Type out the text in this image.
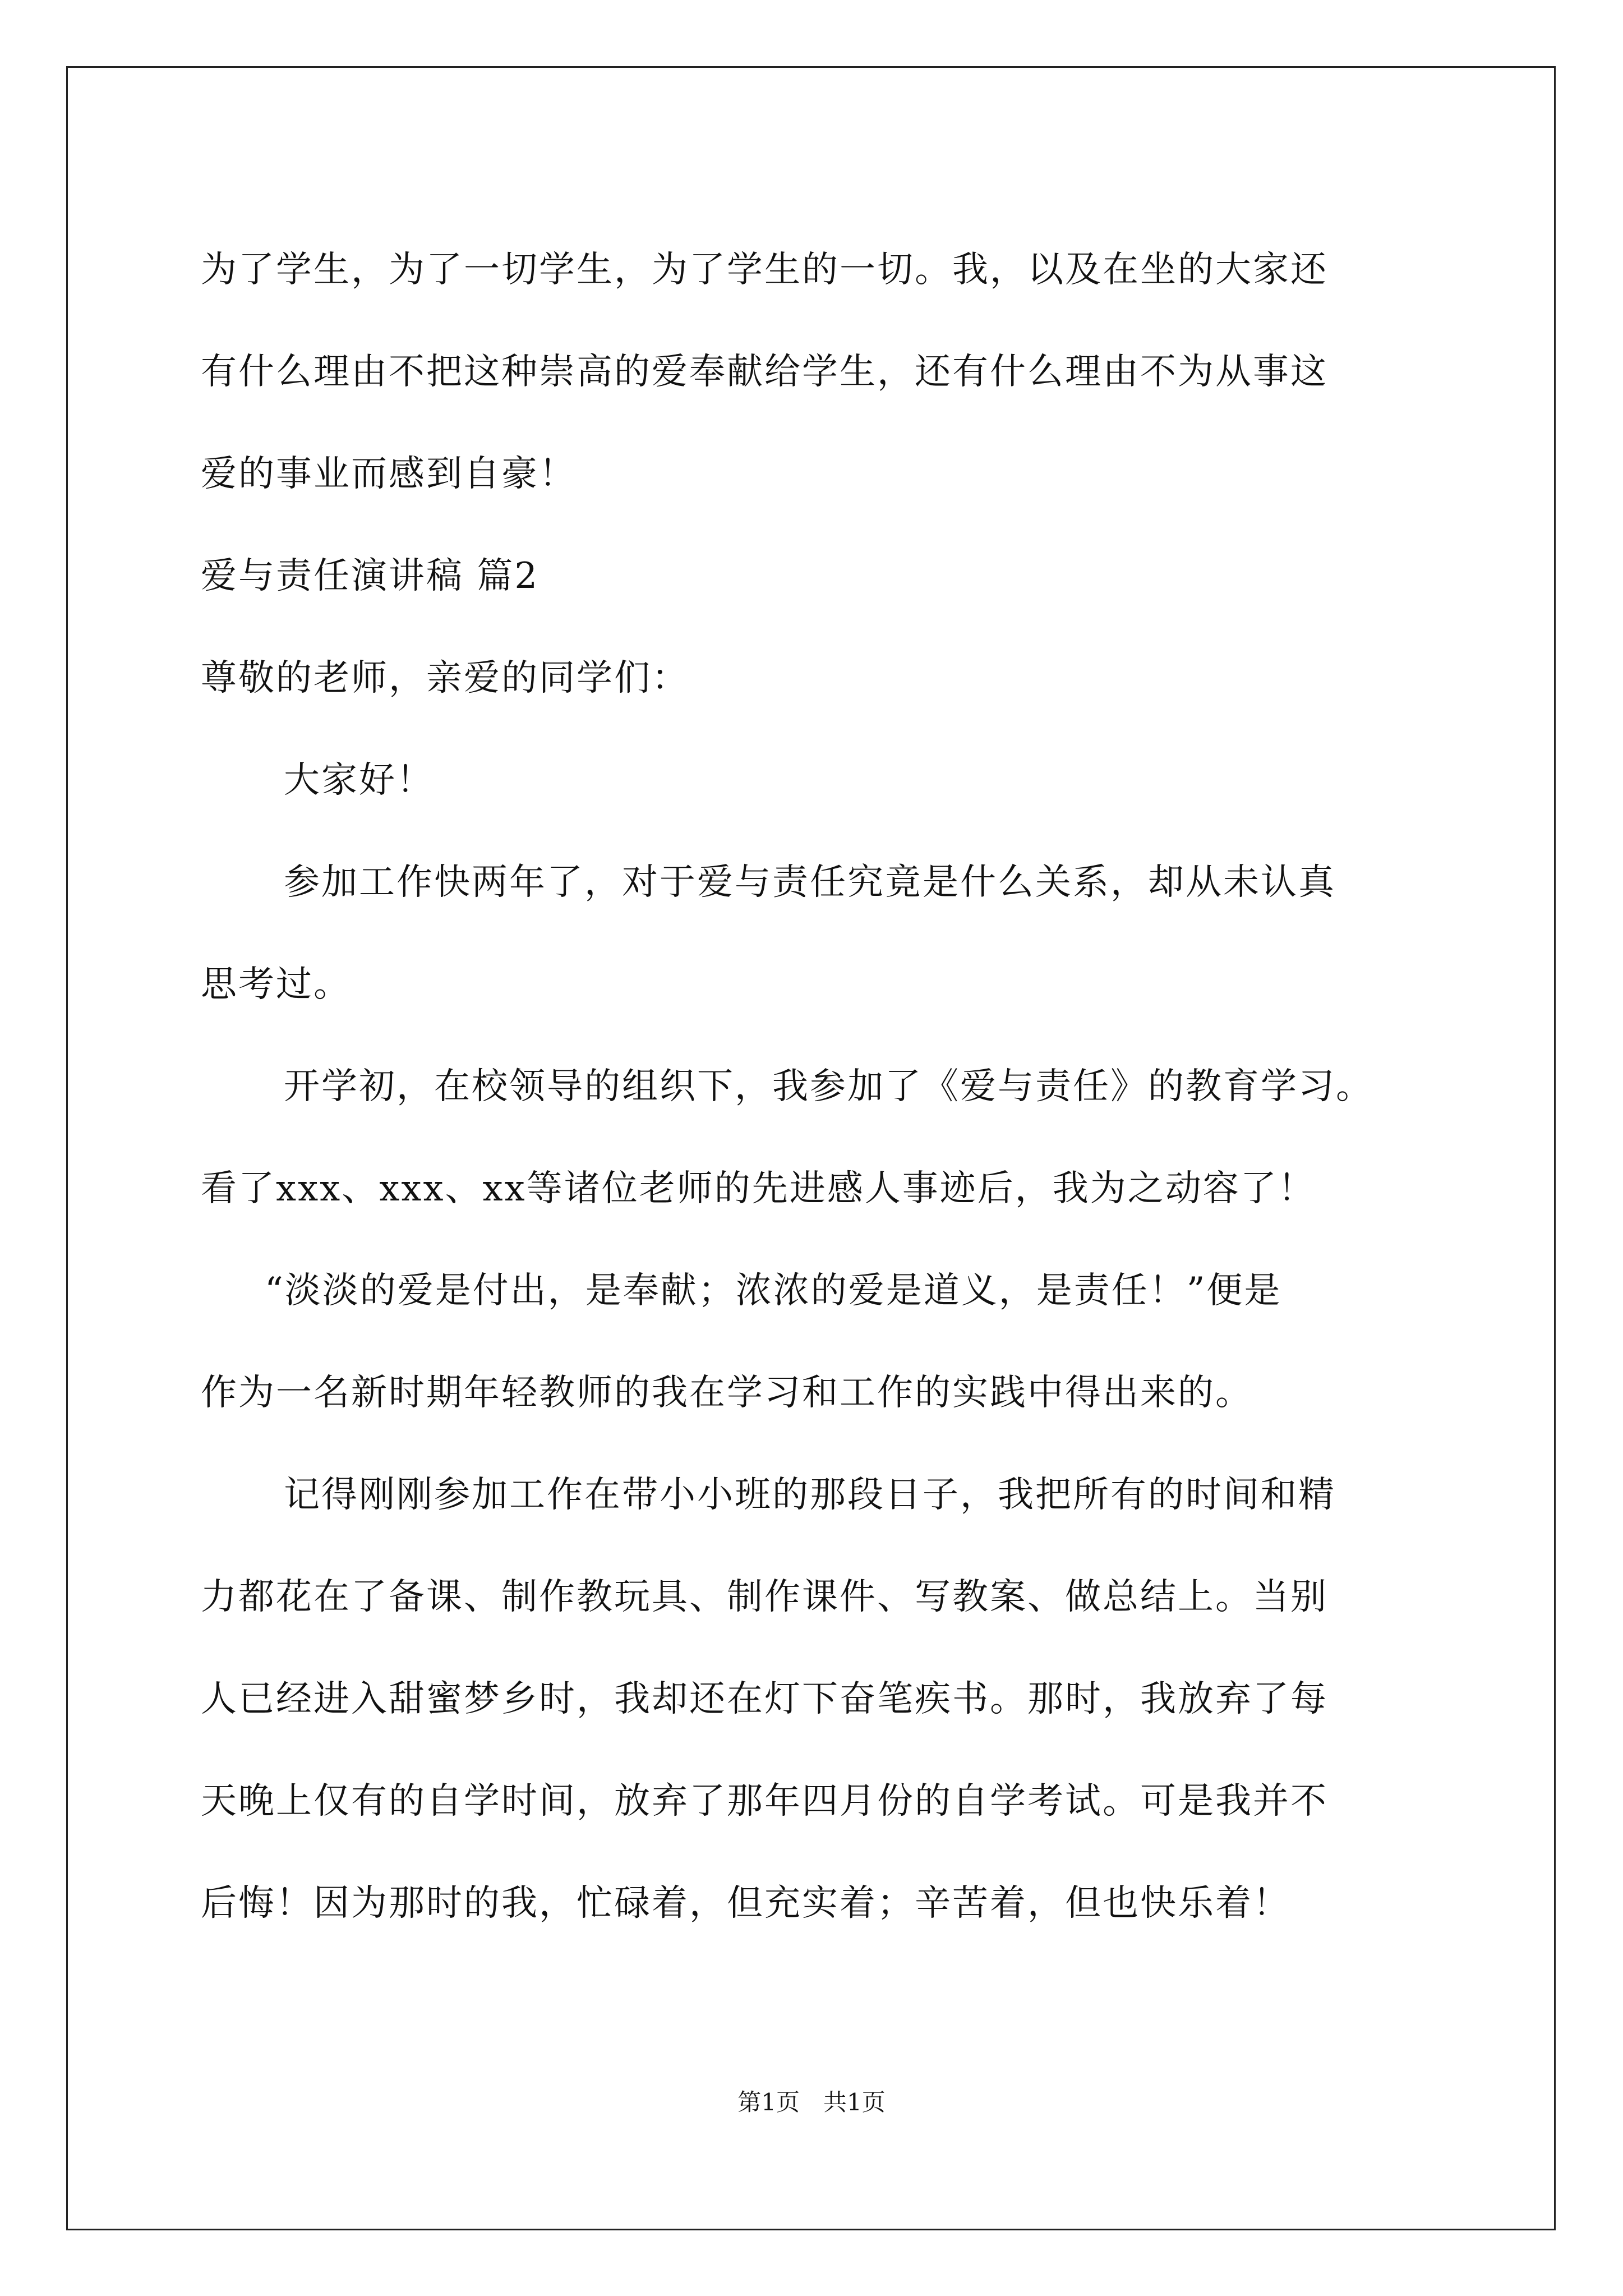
为了学生，为了一切学生，为了学生的一切。我，以及在坐的大家还
有什么理由不把这种崇高的爱奉献给学生，还有什么理由不为从事这
爱的事业而感到自豪！
爱与责任演讲稿 篇2
尊敬的老师，亲爱的同学们：
大家好！
参加工作快两年了，对于爱与责任究竟是什么关系，却从未认真
思考过。
开学初，在校领导的组织下，我参加了《爱与责任》的教育学习。
看了xxx、xxx、xx等诸位老师的先进感人事迹后，我为之动容了！
“淡淡的爱是付出，是奉献；浓浓的爱是道义，是责任！”便是
作为一名新时期年轻教师的我在学习和工作的实践中得出来的。
记得刚刚参加工作在带小小班的那段日子，我把所有的时间和精
力都花在了备课、制作教玩具、制作课件、写教案、做总结上。当别
人已经进入甜蜜梦乡时，我却还在灯下奋笔疾书。那时，我放弃了每
天晚上仅有的自学时间，放弃了那年四月份的自学考试。可是我并不
后悔！因为那时的我，忙碌着，但充实着；辛苦着，但也快乐着！
第1页　共1页
